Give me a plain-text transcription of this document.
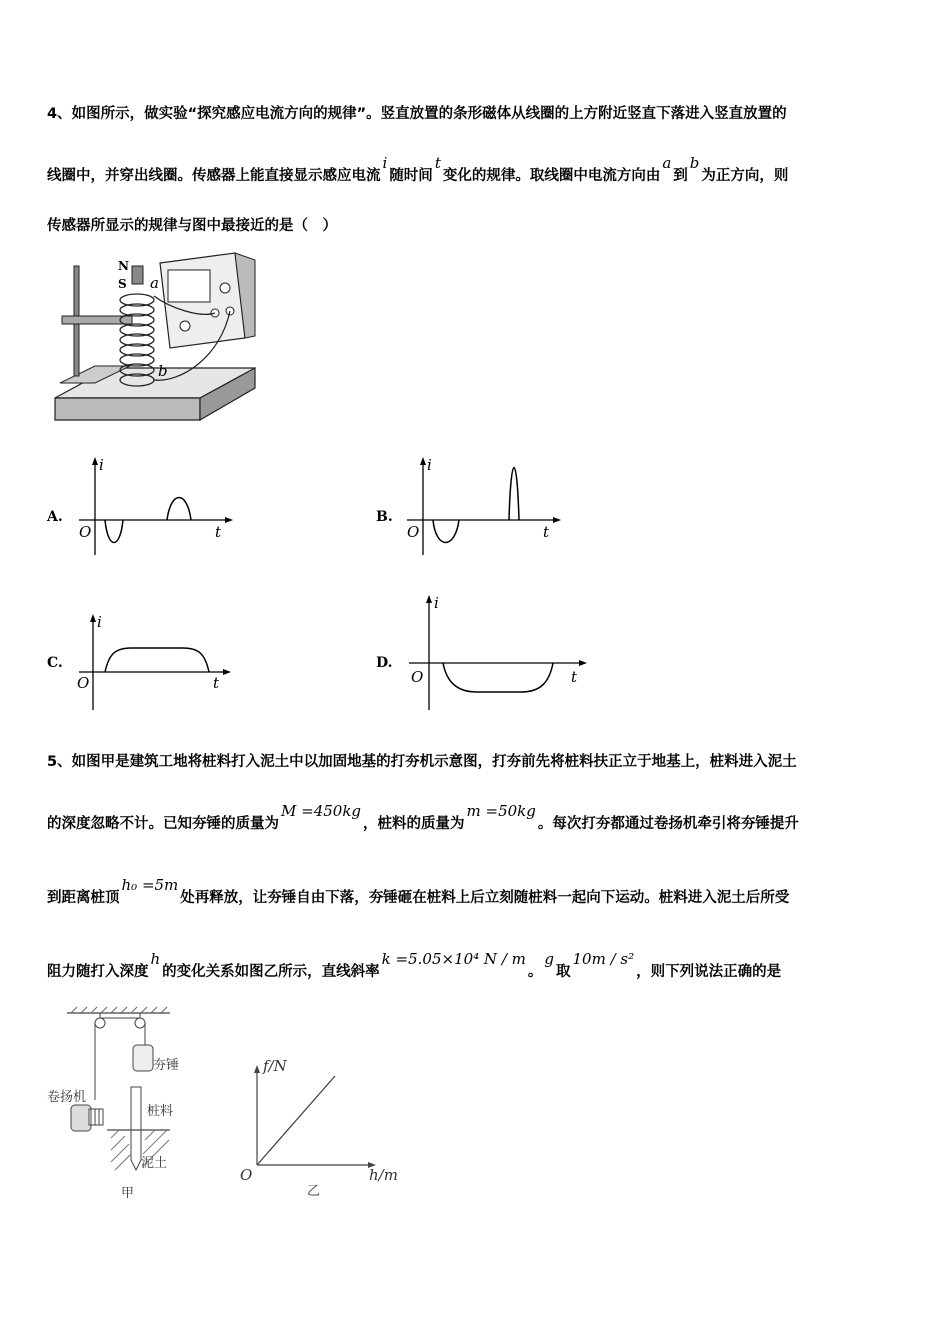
4、如图所示，做实验“探究感应电流方向的规律”。竖直放置的条形磁体从线圈的上方附近竖直下落进入竖直放置的
线圈中，并穿出线圈。传感器上能直接显示感应电流i随时间t变化的规律。取线圈中电流方向由a到b为正方向，则
传感器所显示的规律与图中最接近的是（　）
N
S a
b
A.
i
t
O
B.
i
t
O
C.
i
t
O
D.
i
t
O
5、如图甲是建筑工地将桩料打入泥土中以加固地基的打夯机示意图，打夯前先将桩料扶正立于地基上，桩料进入泥土
的深度忽略不计。已知夯锤的质量为M =450kg，桩料的质量为m =50kg。每次打夯都通过卷扬机牵引将夯锤提升
到距离桩顶h₀ =5m处再释放，让夯锤自由下落，夯锤砸在桩料上后立刻随桩料一起向下运动。桩料进入泥土后所受
阻力随打入深度h的变化关系如图乙所示，直线斜率k =5.05×10⁴ N / m。g取10m / s²，则下列说法正确的是
夯锤
卷扬机
桩料
泥土
甲
f/N
h/m
O
乙
